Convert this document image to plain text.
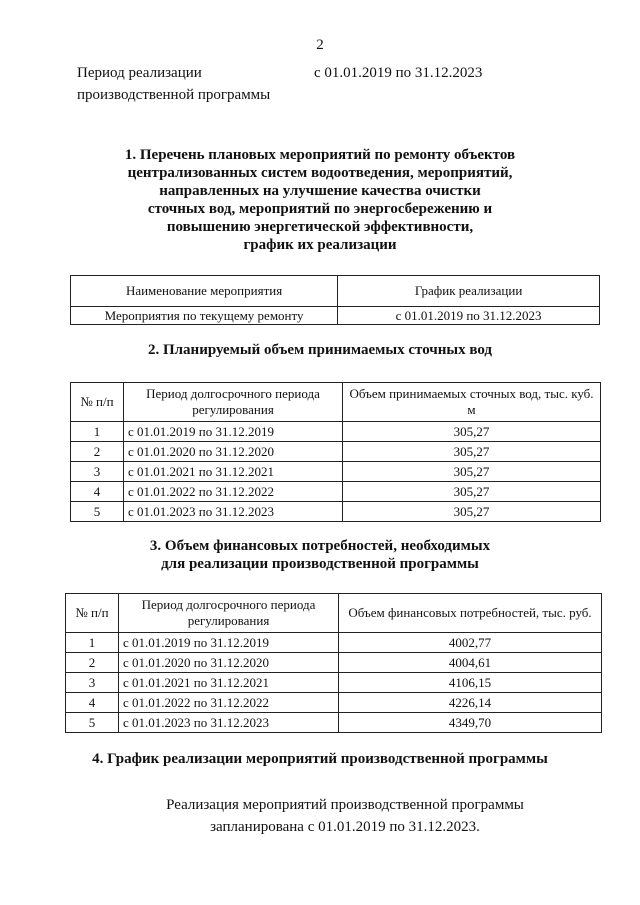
2
Период реализации
производственной программы
с 01.01.2019 по 31.12.2023
1. Перечень плановых мероприятий по ремонту объектов
централизованных систем водоотведения, мероприятий,
направленных на улучшение качества очистки
сточных вод, мероприятий по энергосбережению и
повышению энергетической эффективности,
график их реализации
Наименование мероприятия	График реализации
Мероприятия по текущему ремонту	с 01.01.2019 по 31.12.2023
2. Планируемый объем принимаемых сточных вод
№ п/п	Период долгосрочного периода регулирования	Объем принимаемых сточных вод, тыс. куб. м
1	с 01.01.2019 по 31.12.2019	305,27
2	с 01.01.2020 по 31.12.2020	305,27
3	с 01.01.2021 по 31.12.2021	305,27
4	с 01.01.2022 по 31.12.2022	305,27
5	с 01.01.2023 по 31.12.2023	305,27
3. Объем финансовых потребностей, необходимых
для реализации производственной программы
№ п/п	Период долгосрочного периода регулирования	Объем финансовых потребностей, тыс. руб.
1	с 01.01.2019 по 31.12.2019	4002,77
2	с 01.01.2020 по 31.12.2020	4004,61
3	с 01.01.2021 по 31.12.2021	4106,15
4	с 01.01.2022 по 31.12.2022	4226,14
5	с 01.01.2023 по 31.12.2023	4349,70
4. График реализации мероприятий производственной программы
Реализация мероприятий производственной программы
запланирована с 01.01.2019 по 31.12.2023.
